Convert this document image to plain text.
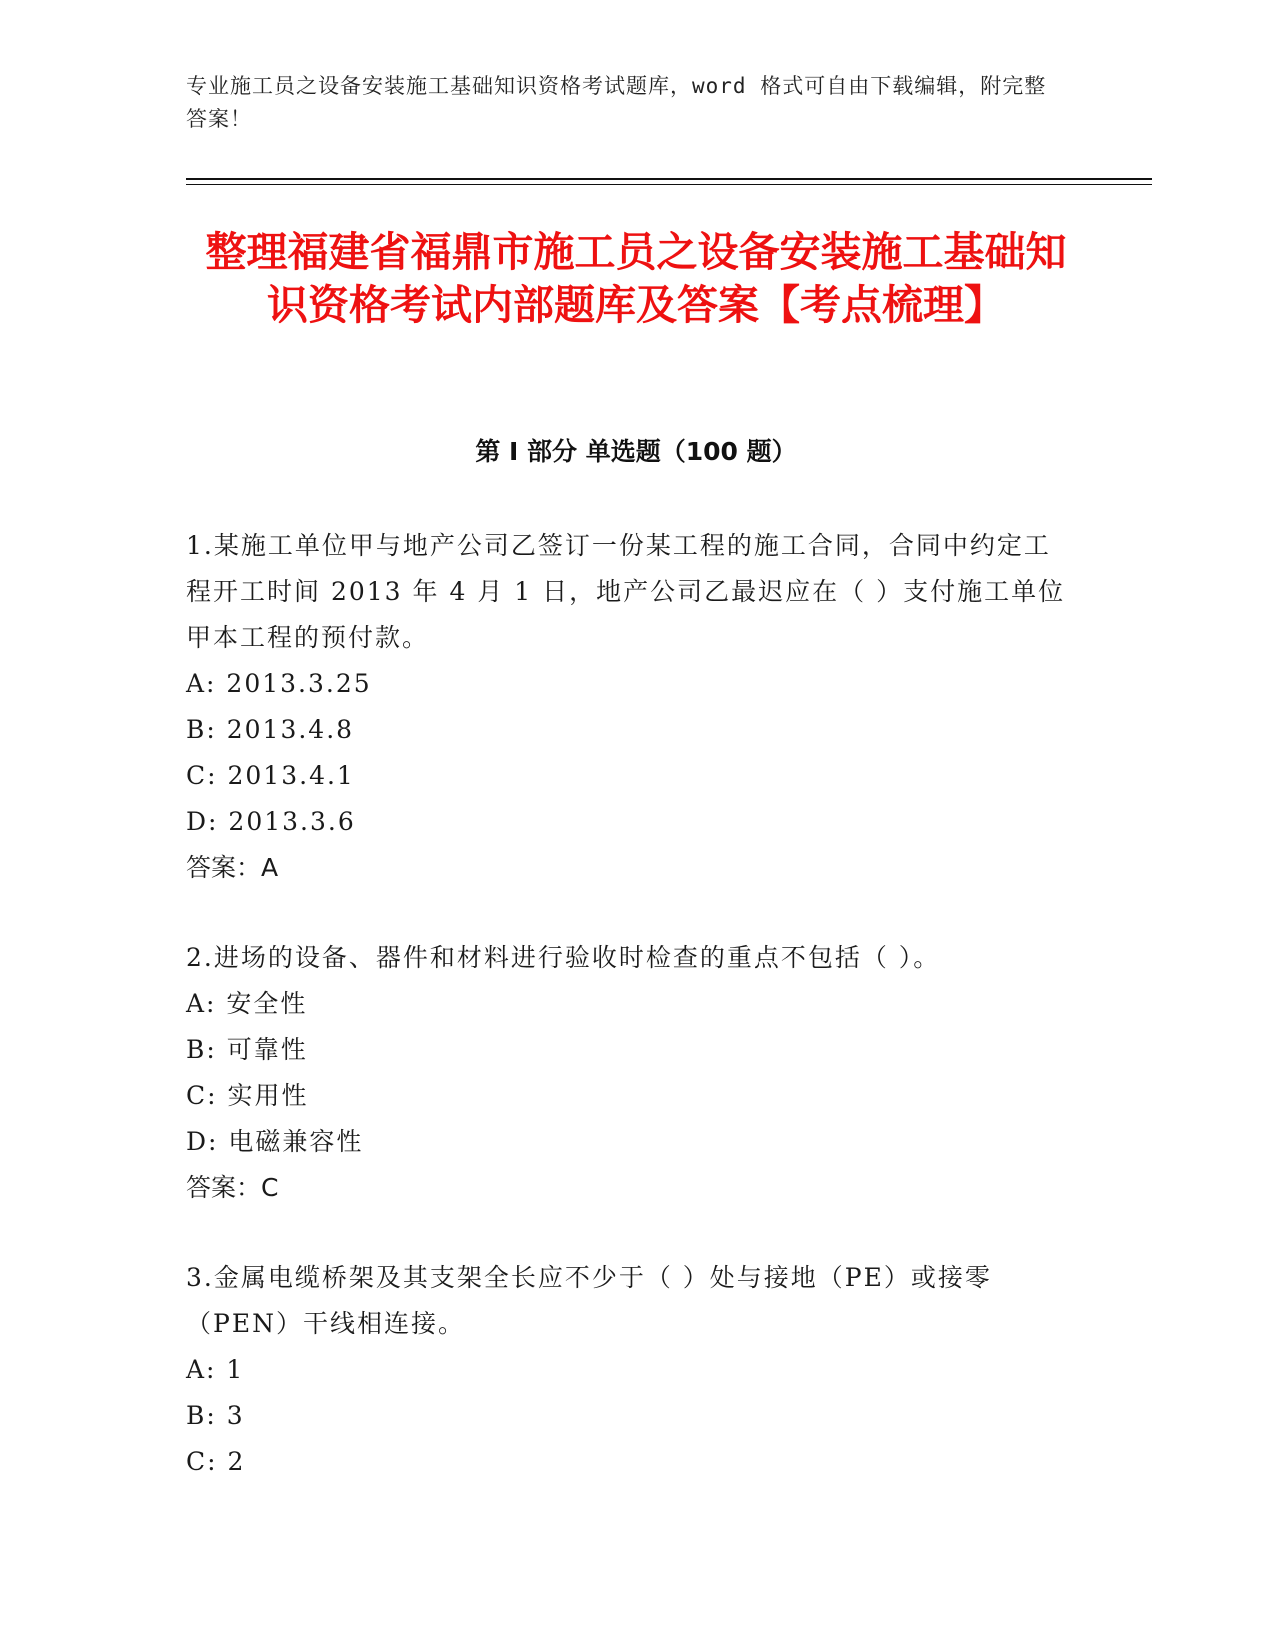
专业施工员之设备安装施工基础知识资格考试题库，word 格式可自由下载编辑，附完整答案！
整理福建省福鼎市施工员之设备安装施工基础知识资格考试内部题库及答案【考点梳理】
第 I 部分 单选题（100 题）

1.某施工单位甲与地产公司乙签订一份某工程的施工合同，合同中约定工程开工时间 2013 年 4 月 1 日，地产公司乙最迟应在（ ）支付施工单位甲本工程的预付款。

A: 2013.3.25

B: 2013.4.8

C: 2013.4.1

D: 2013.3.6

答案：A

2.进场的设备、器件和材料进行验收时检查的重点不包括（ ）。

A: 安全性

B: 可靠性

C: 实用性

D: 电磁兼容性

答案：C

3.金属电缆桥架及其支架全长应不少于（ ）处与接地（PE）或接零（PEN）干线相连接。

A: 1

B: 3

C: 2
